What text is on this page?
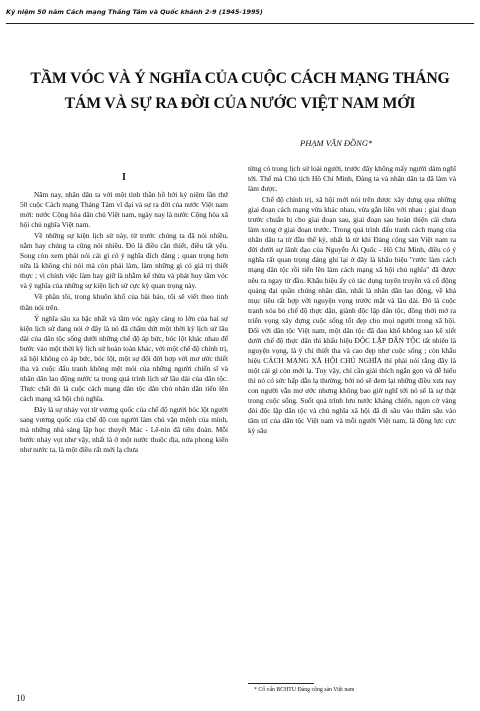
Kỷ niệm 50 năm Cách mạng Tháng Tám và Quốc khánh 2-9 (1945-1995)
TẦM VÓC VÀ Ý NGHĨA CỦA CUỘC CÁCH MẠNG THÁNG TÁM VÀ SỰ RA ĐỜI CỦA NƯỚC VIỆT NAM MỚI
PHẠM VĂN ĐỒNG*
I

Năm nay, nhân dân ta với một tình thần hồ hởi kỷ niệm lần thứ 50 cuộc Cách mạng Tháng Tám vĩ đại và sự ra đời của nước Việt nam mới: nước Cộng hòa dân chủ Việt nam, ngày nay là nước Cộng hòa xã hội chủ nghĩa Việt nam.

Về những sự kiện lịch sử này, từ trước chúng ta đã nói nhiều, nắm hay chúng ta cũng nói nhiều. Đó là điều cần thiết, điều tất yếu. Song còn xem phải nói cái gì có ý nghĩa đích đáng ; quan trọng hơn nữa là không chỉ nói mà còn phải làm, làm những gì có giá trị thiết thực ; vì chính việc làm hay giữ là nhằm kế thừa và phát huy tầm vóc và ý nghĩa của những sự kiện lịch sử cực kỳ quan trọng này.

Về phần tôi, trong khuôn khổ của bài báo, tôi sẽ viết theo tinh thần nói trên.

Ý nghĩa sâu xa bậc nhất và tầm vóc ngày càng to lớn của hai sự kiện lịch sử đang nói ở đây là nó đã chấm dứt một thời kỳ lịch sử lâu dài của dân tộc sống dưới những chế độ áp bức, bóc lột khác nhau để bước vào một thời kỳ lịch sử hoàn toàn khác, với một chế độ chính trị, xã hội không có áp bức, bóc lột, một sự đổi đời hợp với mơ ước thiết tha và cuộc đấu tranh không mệt mỏi của những người chiến sĩ và nhân dân lao động nước ta trong quá trình lịch sử lâu dài của dân tộc. Thực chất đó là cuộc cách mạng dân tộc dân chủ nhân dân tiến lên cách mạng xã hội chủ nghĩa.

Đây là sự nhảy vọt từ vương quốc của chế độ người bóc lột người sang vương quốc của chế độ con người làm chủ vận mệnh của mình, mà những nhà sáng lập học thuyết Mác - Lê-nin đã tiên đoán. Mỗi bước nhảy vọt như vậy, nhất là ở một nước thuộc địa, nửa phong kiến như nước ta, là một điều rất mới lạ chưa

từng có trong lịch sử loài người, trước đây không mấy người dám nghĩ tới. Thế mà Chủ tịch Hồ Chí Minh, Đảng ta và nhân dân ta đã làm và làm được.

Chế độ chính trị, xã hội mới nói trên được xây dựng qua những giai đoạn cách mạng vừa khác nhau, vừa gắn liền với nhau ; giai đoạn trước chuẩn bị cho giai đoạn sau, giai đoạn sau hoàn thiện cái chưa làm xong ở giai đoạn trước. Trong quá trình đấu tranh cách mạng của nhân dân ta từ đầu thế kỷ, nhất là từ khi Đảng cộng sản Việt nam ra đời dưới sự lãnh đạo của Nguyễn Ái Quốc - Hồ Chí Minh, điều có ý nghĩa rất quan trọng đáng ghi lại ở đây là khẩu hiệu "rước làm cách mạng dân tộc rồi tiến lên làm cách mạng xã hội chủ nghĩa" đã được nêu ra ngay từ đầu. Khẩu hiệu ấy có tác dụng tuyên truyền và cổ động quảng đại quần chúng nhân dân, nhất là nhân dân lao động, về khả mục tiêu rất hợp với nguyện vọng trước mắt và lâu dài. Đó là cuộc tranh xóa bỏ chế độ thực dân, giành độc lập dân tộc, đồng thời mở ra triển vọng xây dựng cuộc sống tốt đẹp cho mọi người trong xã hội. Đối với dân tộc Việt nam, một dân tộc đã đau khổ không sao kể xiết dưới chế độ thực dân thì khẩu hiệu ĐỘC LẬP DÂN TỘC tất nhiên là nguyện vọng, là ý chí thiết tha và cao đẹp như cuộc sống ; còn khẩu hiệu CÁCH MẠNG XÃ HỘI CHỦ NGHĨA thì phải nói rằng đây là một cái gì còn mới lạ. Tuy vậy, chỉ cần giải thích ngắn gọn và dễ hiểu thì nó có sức hấp dẫn lạ thường, bởi nó sẽ đem lại những điều xưa nay con người vẫn mơ ước nhưng không bao giờ nghĩ tới nó sẽ là sự thật trong cuộc sống. Suốt quá trình lưu nước kháng chiến, ngọn cờ vàng đỏi độc lập dân tộc và chủ nghĩa xã hội đã đi sâu vào thẩm sâu vào tâm trí của dân tộc Việt nam và mỗi người Việt nam, là động lực cực kỳ sâu

* Cố vấn BCHTU Đảng cộng sản Việt nam
10
